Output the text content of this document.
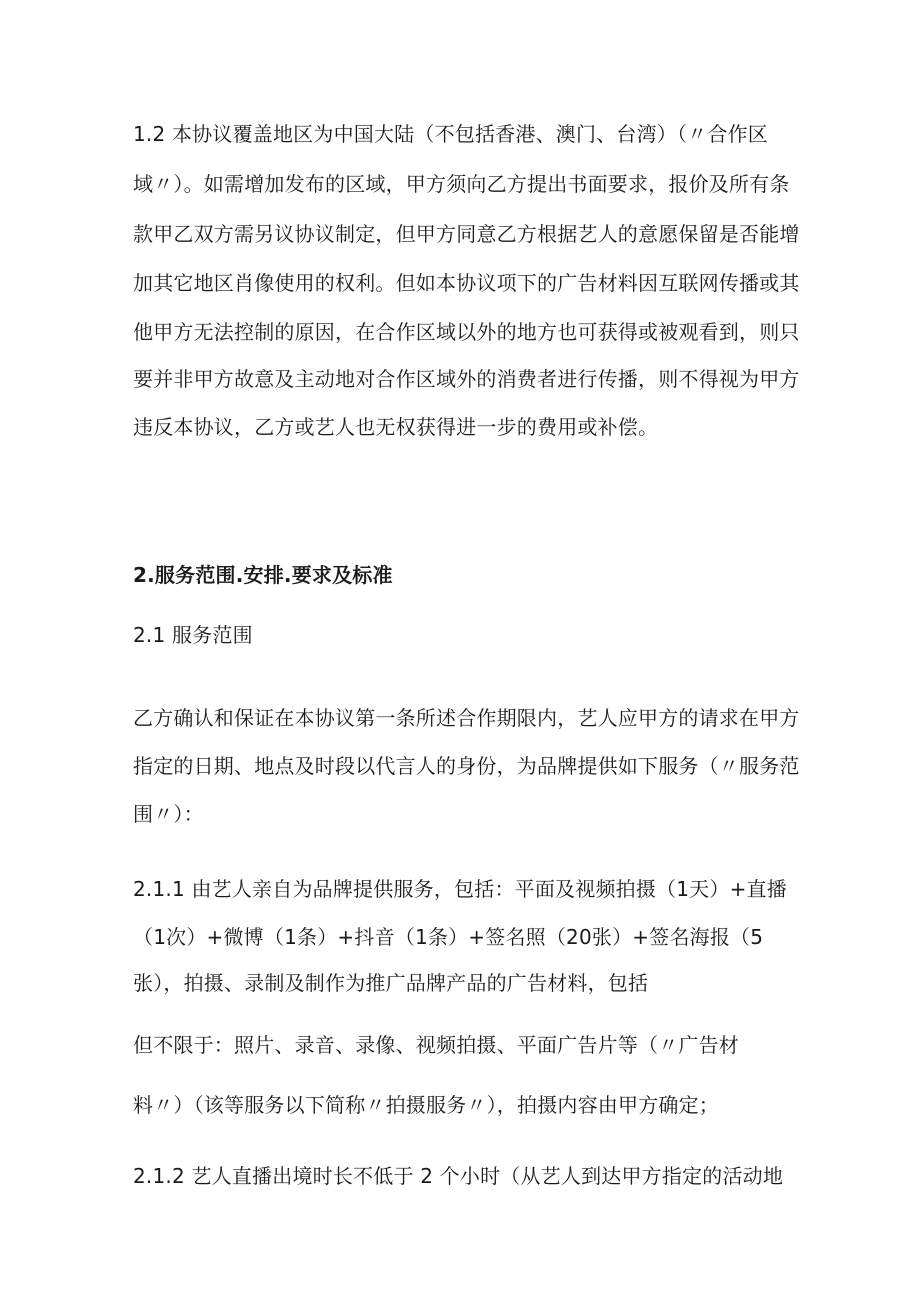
1.2 本协议覆盖地区为中国大陆（不包括香港、澳门、台湾）（〃合作区
域〃）。如需增加发布的区域，甲方须向乙方提出书面要求，报价及所有条
款甲乙双方需另议协议制定，但甲方同意乙方根据艺人的意愿保留是否能增
加其它地区肖像使用的权利。但如本协议项下的广告材料因互联网传播或其
他甲方无法控制的原因，在合作区域以外的地方也可获得或被观看到，则只
要并非甲方故意及主动地对合作区域外的消费者进行传播，则不得视为甲方
违反本协议，乙方或艺人也无权获得进一步的费用或补偿。
2.服务范围.安排.要求及标准
2.1 服务范围
乙方确认和保证在本协议第一条所述合作期限内，艺人应甲方的请求在甲方
指定的日期、地点及时段以代言人的身份，为品牌提供如下服务（〃服务范
围〃）：
2.1.1 由艺人亲自为品牌提供服务，包括：平面及视频拍摄（1天）+直播
（1次）+微博（1条）+抖音（1条）+签名照（20张）+签名海报（5
张），拍摄、录制及制作为推广品牌产品的广告材料，包括
但不限于：照片、录音、录像、视频拍摄、平面广告片等（〃广告材
料〃）（该等服务以下简称〃拍摄服务〃），拍摄内容由甲方确定；
2.1.2 艺人直播出境时长不低于 2 个小时（从艺人到达甲方指定的活动地
